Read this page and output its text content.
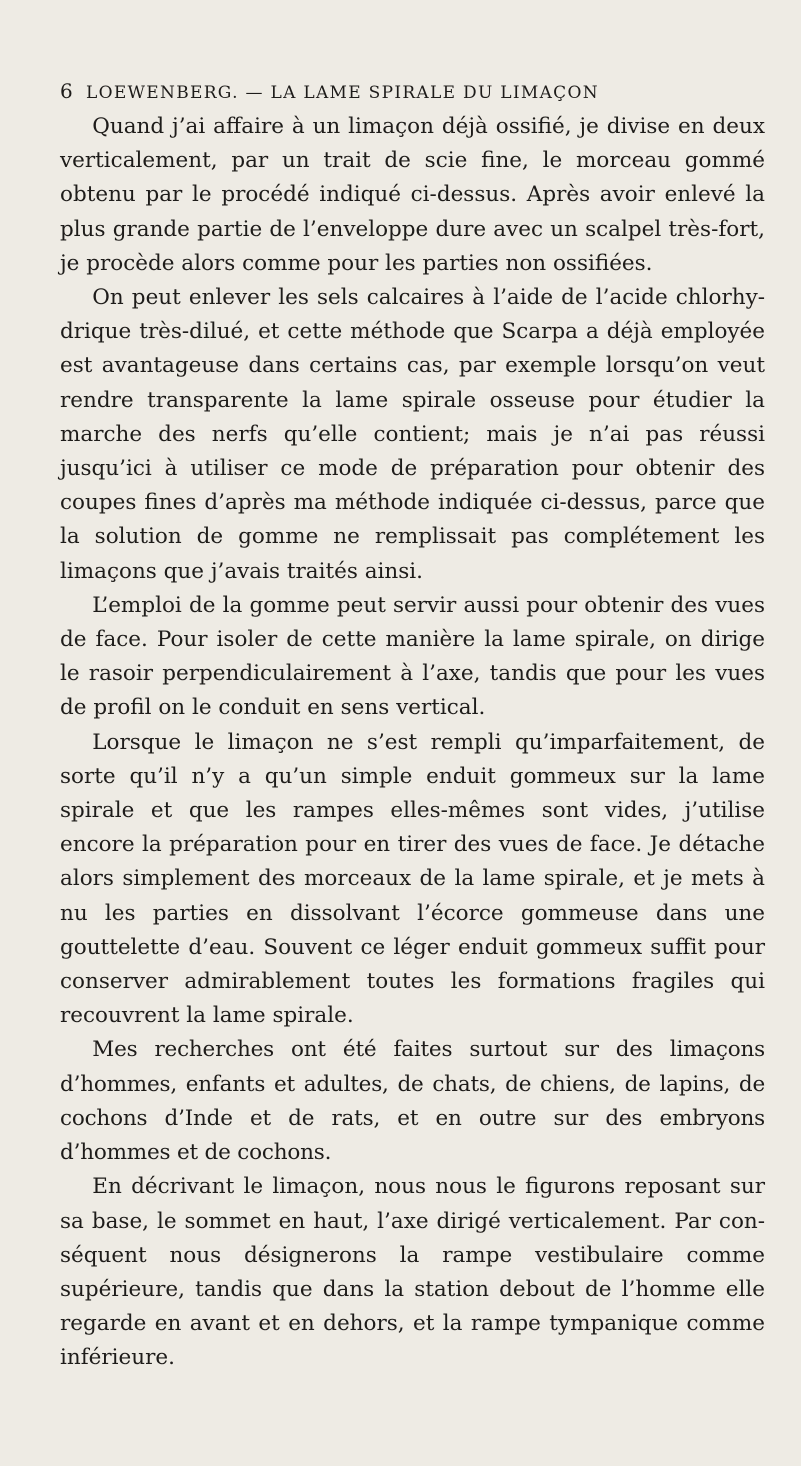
6 LOEWENBERG. — LA LAME SPIRALE DU LIMAÇON

Quand j’ai affaire à un limaçon déjà ossifié, je divise en deux verticalement, par un trait de scie fine, le morceau gommé obtenu par le procédé indiqué ci-dessus. Après avoir enlevé la plus grande partie de l’enveloppe dure avec un scalpel très-fort, je procède alors comme pour les parties non ossifiées.

On peut enlever les sels calcaires à l’aide de l’acide chlorhydrique très-dilué, et cette méthode que Scarpa a déjà employée est avantageuse dans certains cas, par exemple lorsqu’on veut rendre transparente la lame spirale osseuse pour étudier la marche des nerfs qu’elle contient; mais je n’ai pas réussi jusqu’ici à utiliser ce mode de préparation pour obtenir des coupes fines d’après ma méthode indiquée ci-dessus, parce que la solution de gomme ne remplissait pas complétement les limaçons que j’avais traités ainsi.

L’emploi de la gomme peut servir aussi pour obtenir des vues de face. Pour isoler de cette manière la lame spirale, on dirige le rasoir perpendiculairement à l’axe, tandis que pour les vues de profil on le conduit en sens vertical.

Lorsque le limaçon ne s’est rempli qu’imparfaitement, de sorte qu’il n’y a qu’un simple enduit gommeux sur la lame spirale et que les rampes elles-mêmes sont vides, j’utilise encore la préparation pour en tirer des vues de face. Je détache alors simplement des morceaux de la lame spirale, et je mets à nu les parties en dissolvant l’écorce gommeuse dans une gouttelette d’eau. Souvent ce léger enduit gommeux suffit pour conserver admirablement toutes les formations fragiles qui recouvrent la lame spirale.

Mes recherches ont été faites surtout sur des limaçons d’hommes, enfants et adultes, de chats, de chiens, de lapins, de cochons d’Inde et de rats, et en outre sur des embryons d’hommes et de cochons.

En décrivant le limaçon, nous nous le figurons reposant sur sa base, le sommet en haut, l’axe dirigé verticalement. Par conséquent nous désignerons la rampe vestibulaire comme supérieure, tandis que dans la station debout de l’homme elle regarde en avant et en dehors, et la rampe tympanique comme inférieure.
